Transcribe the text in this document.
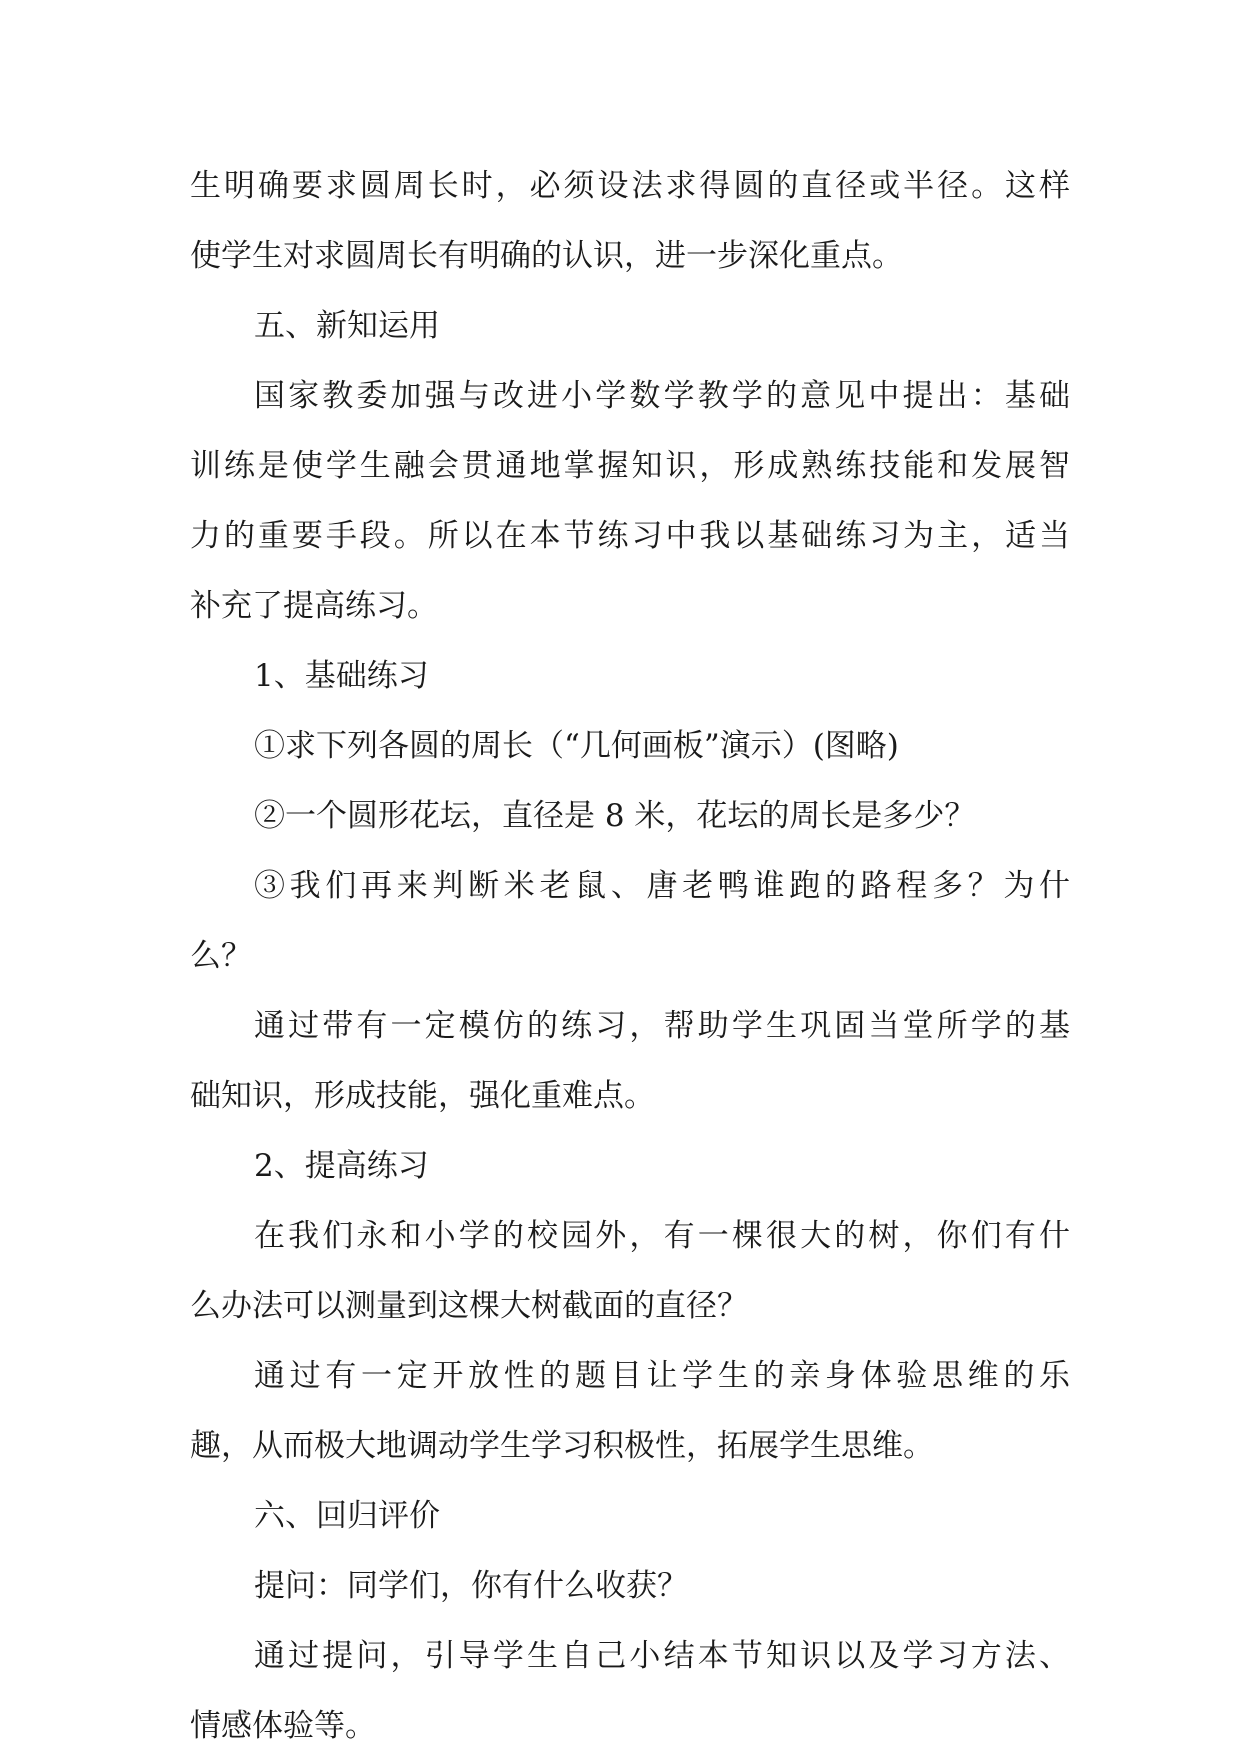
生明确要求圆周长时，必须设法求得圆的直径或半径。这样
使学生对求圆周长有明确的认识，进一步深化重点。
五、新知运用
国家教委加强与改进小学数学教学的意见中提出：基础
训练是使学生融会贯通地掌握知识，形成熟练技能和发展智
力的重要手段。所以在本节练习中我以基础练习为主，适当
补充了提高练习。
1、基础练习
①求下列各圆的周长（“几何画板”演示）(图略)
②一个圆形花坛，直径是 8 米，花坛的周长是多少？
③我们再来判断米老鼠、唐老鸭谁跑的路程多？为什
么？
通过带有一定模仿的练习，帮助学生巩固当堂所学的基
础知识，形成技能，强化重难点。
2、提高练习
在我们永和小学的校园外，有一棵很大的树，你们有什
么办法可以测量到这棵大树截面的直径？
通过有一定开放性的题目让学生的亲身体验思维的乐
趣，从而极大地调动学生学习积极性，拓展学生思维。
六、回归评价
提问：同学们，你有什么收获？
通过提问，引导学生自己小结本节知识以及学习方法、
情感体验等。
